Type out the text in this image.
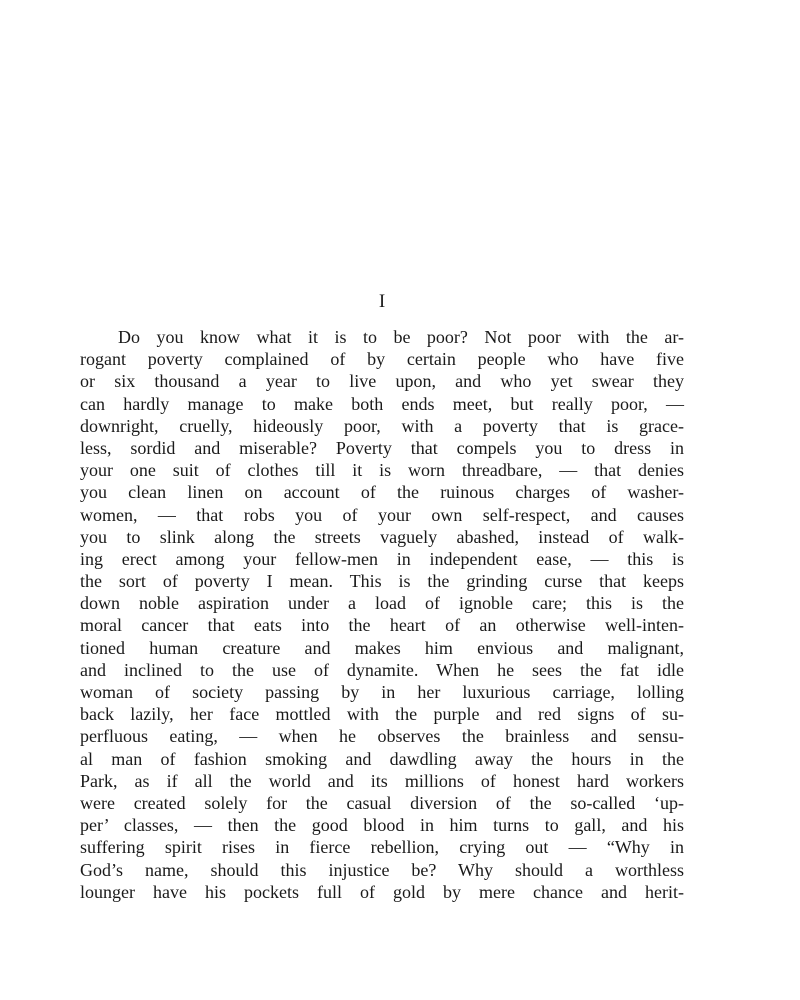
I
Do you know what it is to be poor? Not poor with the ar-
rogant poverty complained of by certain people who have five
or six thousand a year to live upon, and who yet swear they
can hardly manage to make both ends meet, but really poor, —
downright, cruelly, hideously poor, with a poverty that is grace-
less, sordid and miserable? Poverty that compels you to dress in
your one suit of clothes till it is worn threadbare, — that denies
you clean linen on account of the ruinous charges of washer-
women, — that robs you of your own self-respect, and causes
you to slink along the streets vaguely abashed, instead of walk-
ing erect among your fellow-men in independent ease, — this is
the sort of poverty I mean. This is the grinding curse that keeps
down noble aspiration under a load of ignoble care; this is the
moral cancer that eats into the heart of an otherwise well-inten-
tioned human creature and makes him envious and malignant,
and inclined to the use of dynamite. When he sees the fat idle
woman of society passing by in her luxurious carriage, lolling
back lazily, her face mottled with the purple and red signs of su-
perfluous eating, — when he observes the brainless and sensu-
al man of fashion smoking and dawdling away the hours in the
Park, as if all the world and its millions of honest hard workers
were created solely for the casual diversion of the so-called ‘up-
per’ classes, — then the good blood in him turns to gall, and his
suffering spirit rises in fierce rebellion, crying out — “Why in
God’s name, should this injustice be? Why should a worthless
lounger have his pockets full of gold by mere chance and herit-
